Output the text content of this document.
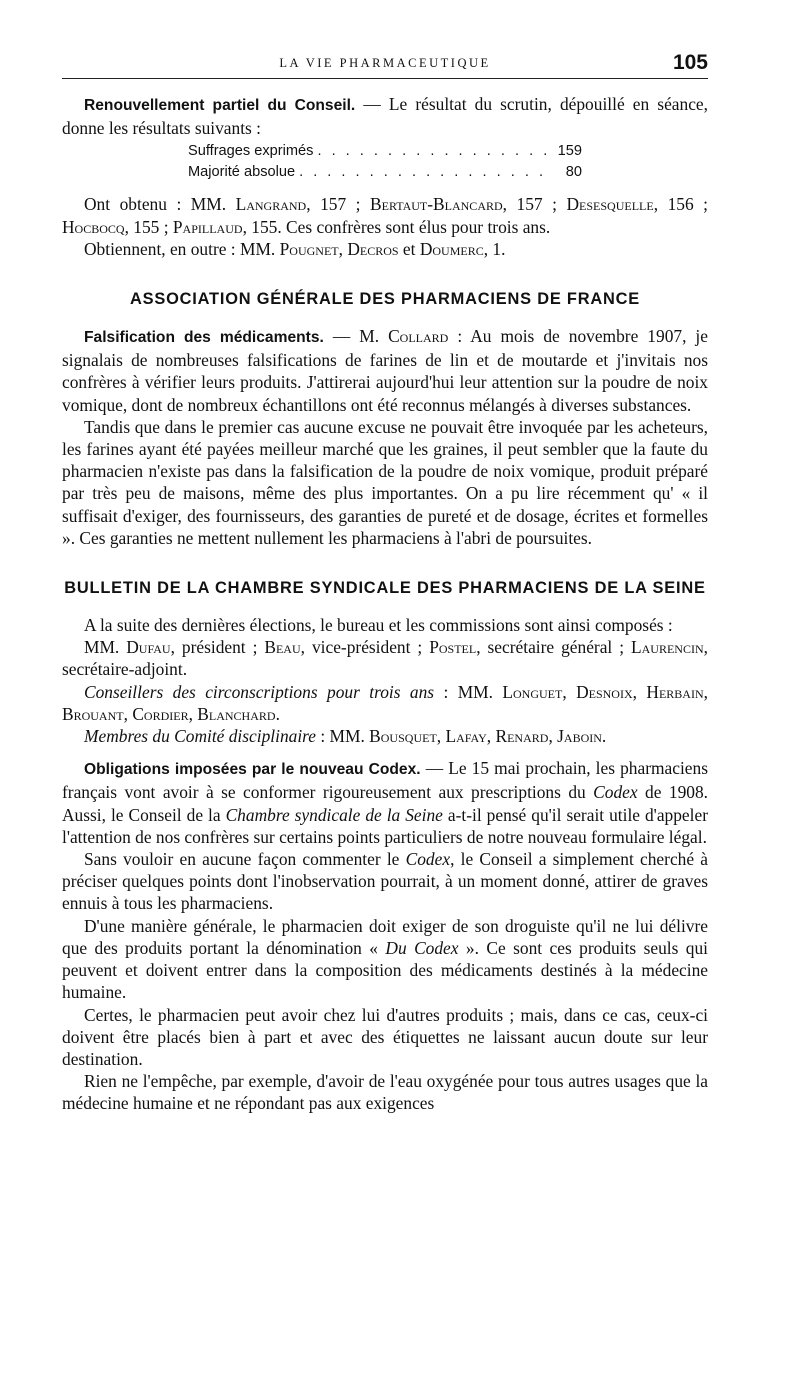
LA VIE PHARMACEUTIQUE	105

Renouvellement partiel du Conseil. — Le résultat du scrutin, dépouillé en séance, donne les résultats suivants :

Suffrages exprimés . . .	159
Majorité absolue . . .	80

Ont obtenu : MM. Langrand, 157 ; Bertaut-Blancard, 157 ; Desesquelle, 156 ; Hocbocq, 155 ; Papillaud, 155. Ces confrères sont élus pour trois ans.

Obtiennent, en outre : MM. Pougnet, Decros et Doumerc, 1.

ASSOCIATION GÉNÉRALE DES PHARMACIENS DE FRANCE

Falsification des médicaments. — M. Collard : Au mois de novembre 1907, je signalais de nombreuses falsifications de farines de lin et de moutarde et j'invitais nos confrères à vérifier leurs produits. J'attirerai aujourd'hui leur attention sur la poudre de noix vomique, dont de nombreux échantillons ont été reconnus mélangés à diverses substances.

Tandis que dans le premier cas aucune excuse ne pouvait être invoquée par les acheteurs, les farines ayant été payées meilleur marché que les graines, il peut sembler que la faute du pharmacien n'existe pas dans la falsification de la poudre de noix vomique, produit préparé par très peu de maisons, même des plus importantes. On a pu lire récemment qu' « il suffisait d'exiger, des fournisseurs, des garanties de pureté et de dosage, écrites et formelles ». Ces garanties ne mettent nullement les pharmaciens à l'abri de poursuites.

BULLETIN DE LA CHAMBRE SYNDICALE DES PHARMACIENS DE LA SEINE

A la suite des dernières élections, le bureau et les commissions sont ainsi composés :

MM. Dufau, président ; Beau, vice-président ; Postel, secrétaire général ; Laurencin, secrétaire-adjoint.

Conseillers des circonscriptions pour trois ans : MM. Longuet, Desnoix, Herbain, Brouant, Cordier, Blanchard.

Membres du Comité disciplinaire : MM. Bousquet, Lafay, Renard, Jaboin.

Obligations imposées par le nouveau Codex. — Le 15 mai prochain, les pharmaciens français vont avoir à se conformer rigoureusement aux prescriptions du Codex de 1908. Aussi, le Conseil de la Chambre syndicale de la Seine a-t-il pensé qu'il serait utile d'appeler l'attention de nos confrères sur certains points particuliers de notre nouveau formulaire légal.

Sans vouloir en aucune façon commenter le Codex, le Conseil a simplement cherché à préciser quelques points dont l'inobservation pourrait, à un moment donné, attirer de graves ennuis à tous les pharmaciens.

D'une manière générale, le pharmacien doit exiger de son droguiste qu'il ne lui délivre que des produits portant la dénomination « Du Codex ». Ce sont ces produits seuls qui peuvent et doivent entrer dans la composition des médicaments destinés à la médecine humaine.

Certes, le pharmacien peut avoir chez lui d'autres produits ; mais, dans ce cas, ceux-ci doivent être placés bien à part et avec des étiquettes ne laissant aucun doute sur leur destination.

Rien ne l'empêche, par exemple, d'avoir de l'eau oxygénée pour tous autres usages que la médecine humaine et ne répondant pas aux exigences
